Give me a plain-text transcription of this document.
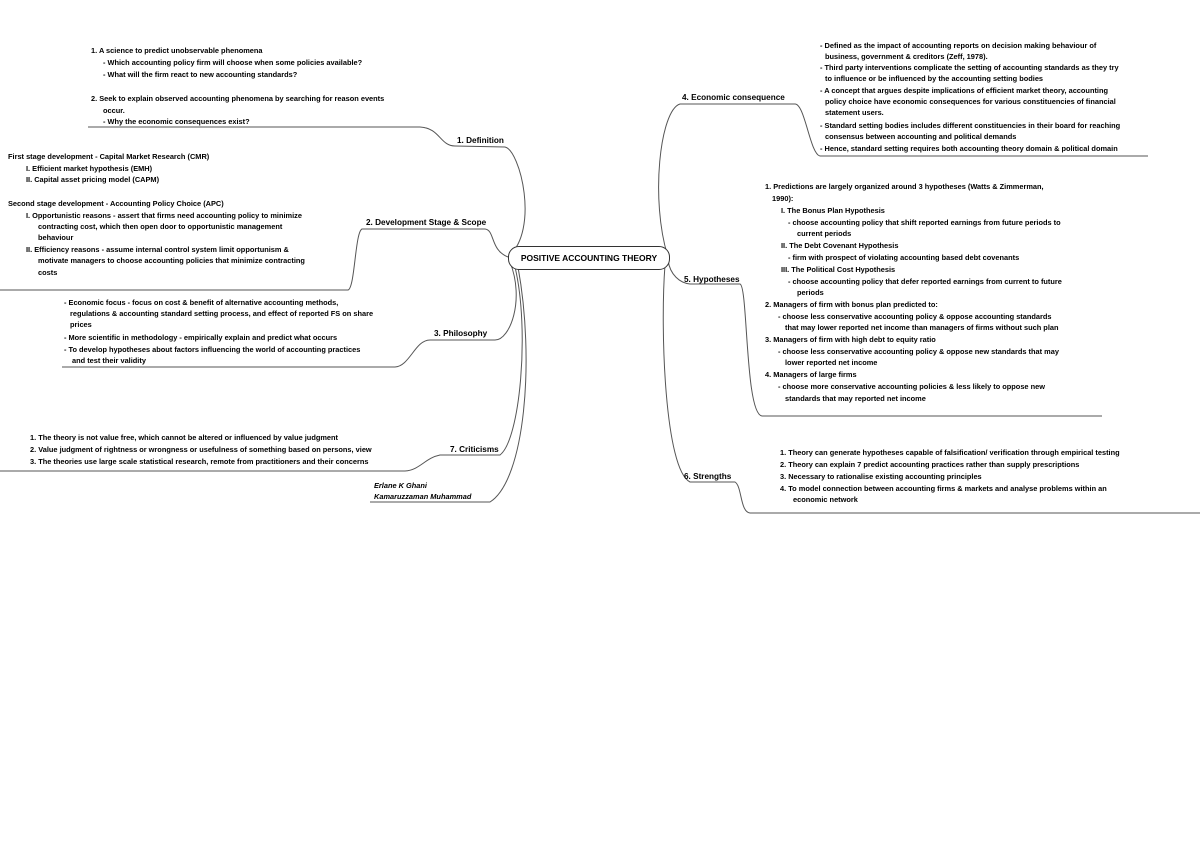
POSITIVE ACCOUNTING THEORY
1. Definition
1. A science to predict unobservable phenomena
- Which accounting policy firm will choose when some policies available?
- What will the firm react to new accounting standards?
2. Seek to explain observed accounting phenomena by searching for reason events
occur.
- Why the economic consequences exist?
2. Development Stage & Scope
First stage development - Capital Market Research (CMR)
I. Efficient market hypothesis (EMH)
II. Capital asset pricing model (CAPM)
Second stage development - Accounting Policy Choice (APC)
I. Opportunistic reasons - assert that firms need accounting policy to minimize
contracting cost, which then open door to opportunistic management
behaviour
II. Efficiency reasons - assume internal control system limit opportunism &
motivate managers to choose accounting policies that minimize contracting
costs
3. Philosophy
- Economic focus - focus on cost & benefit of alternative accounting methods,
regulations & accounting standard setting process, and effect of reported FS on share
prices
- More scientific in methodology - empirically explain and predict what occurs
- To develop hypotheses about factors influencing the world of accounting practices
and test their validity
7. Criticisms
1. The theory is not value free, which cannot be altered or influenced by value judgment
2. Value judgment of rightness or wrongness or usefulness of something based on persons, view
3. The theories use large scale statistical research, remote from practitioners and their concerns
Erlane K Ghani
Kamaruzzaman Muhammad
4. Economic consequence
- Defined as the impact of accounting reports on decision making behaviour of
business, government & creditors (Zeff, 1978).
- Third party interventions complicate the setting of accounting standards as they try
to influence or be influenced by the accounting setting bodies
- A concept that argues despite implications of efficient market theory, accounting
policy choice have economic consequences for various constituencies of financial
statement users.
- Standard setting bodies includes different constituencies in their board for reaching
consensus between accounting and political demands
- Hence, standard setting requires both accounting theory domain & political domain
5. Hypotheses
1. Predictions are largely organized around 3 hypotheses (Watts & Zimmerman,
1990):
I. The Bonus Plan Hypothesis
- choose accounting policy that shift reported earnings from future periods to
current periods
II. The Debt Covenant Hypothesis
- firm with prospect of violating accounting based debt covenants
III. The Political Cost Hypothesis
- choose accounting policy that defer reported earnings from current to future
periods
2. Managers of firm with bonus plan predicted to:
- choose less conservative accounting policy & oppose accounting standards
that may lower reported net income than managers of firms without such plan
3. Managers of firm with high debt to equity ratio
- choose less conservative accounting policy & oppose new standards that may
lower reported net income
4. Managers of large firms
- choose more conservative accounting policies & less likely to oppose new
standards that may reported net income
6. Strengths
1. Theory can generate hypotheses capable of falsification/ verification through empirical testing
2. Theory can explain 7 predict accounting practices rather than supply prescriptions
3. Necessary to rationalise existing accounting principles
4. To model connection between accounting firms & markets and analyse problems within an
economic network
